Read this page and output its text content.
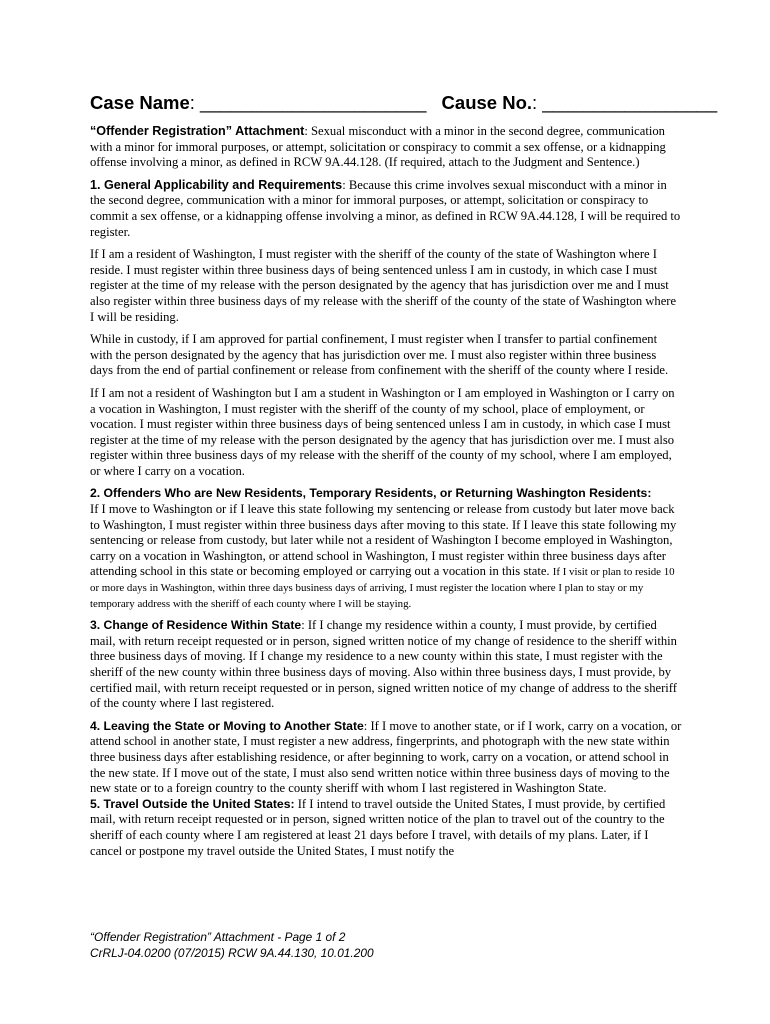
Case Name: ______________________ Cause No.: _________________

“Offender Registration” Attachment: Sexual misconduct with a minor in the second degree, communication with a minor for immoral purposes, or attempt, solicitation or conspiracy to commit a sex offense, or a kidnapping offense involving a minor, as defined in RCW 9A.44.128. (If required, attach to the Judgment and Sentence.)

1. General Applicability and Requirements: Because this crime involves sexual misconduct with a minor in the second degree, communication with a minor for immoral purposes, or attempt, solicitation or conspiracy to commit a sex offense, or a kidnapping offense involving a minor, as defined in RCW 9A.44.128, I will be required to register.

If I am a resident of Washington, I must register with the sheriff of the county of the state of Washington where I reside. I must register within three business days of being sentenced unless I am in custody, in which case I must register at the time of my release with the person designated by the agency that has jurisdiction over me and I must also register within three business days of my release with the sheriff of the county of the state of Washington where I will be residing.

While in custody, if I am approved for partial confinement, I must register when I transfer to partial confinement with the person designated by the agency that has jurisdiction over me. I must also register within three business days from the end of partial confinement or release from confinement with the sheriff of the county where I reside.

If I am not a resident of Washington but I am a student in Washington or I am employed in Washington or I carry on a vocation in Washington, I must register with the sheriff of the county of my school, place of employment, or vocation. I must register within three business days of being sentenced unless I am in custody, in which case I must register at the time of my release with the person designated by the agency that has jurisdiction over me. I must also register within three business days of my release with the sheriff of the county of my school, where I am employed, or where I carry on a vocation.

2. Offenders Who are New Residents, Temporary Residents, or Returning Washington Residents:
If I move to Washington or if I leave this state following my sentencing or release from custody but later move back to Washington, I must register within three business days after moving to this state. If I leave this state following my sentencing or release from custody, but later while not a resident of Washington I become employed in Washington, carry on a vocation in Washington, or attend school in Washington, I must register within three business days after attending school in this state or becoming employed or carrying out a vocation in this state. If I visit or plan to reside 10 or more days in Washington, within three days business days of arriving, I must register the location where I plan to stay or my temporary address with the sheriff of each county where I will be staying.

3. Change of Residence Within State: If I change my residence within a county, I must provide, by certified mail, with return receipt requested or in person, signed written notice of my change of residence to the sheriff within three business days of moving. If I change my residence to a new county within this state, I must register with the sheriff of the new county within three business days of moving. Also within three business days, I must provide, by certified mail, with return receipt requested or in person, signed written notice of my change of address to the sheriff of the county where I last registered.

4. Leaving the State or Moving to Another State: If I move to another state, or if I work, carry on a vocation, or attend school in another state, I must register a new address, fingerprints, and photograph with the new state within three business days after establishing residence, or after beginning to work, carry on a vocation, or attend school in the new state. If I move out of the state, I must also send written notice within three business days of moving to the new state or to a foreign country to the county sheriff with whom I last registered in Washington State.

5. Travel Outside the United States: If I intend to travel outside the United States, I must provide, by certified mail, with return receipt requested or in person, signed written notice of the plan to travel out of the country to the sheriff of each county where I am registered at least 21 days before I travel, with details of my plans. Later, if I cancel or postpone my travel outside the United States, I must notify the

“Offender Registration” Attachment - Page 1 of 2
CrRLJ-04.0200 (07/2015) RCW 9A.44.130, 10.01.200
